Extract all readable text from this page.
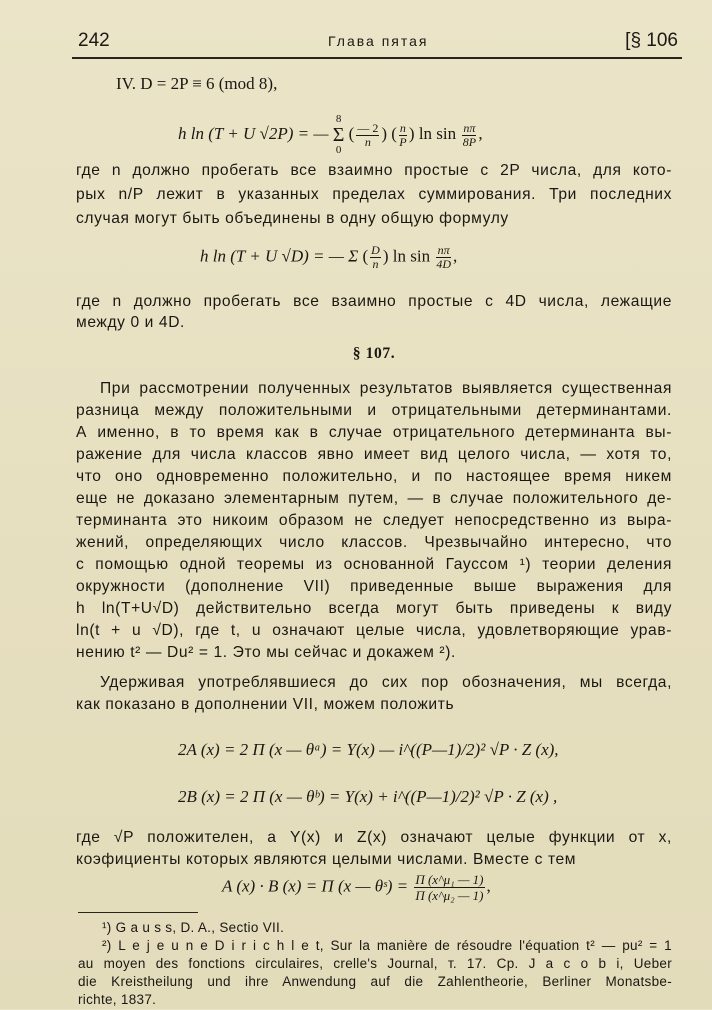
242	Глава пятая	[§ 106
IV. D = 2P ≡ 6 (mod 8),
h ln (T + U √2P) = —
8
Σ
0
( $\frac{— 2}{n}$ ) ( $\frac{n}{P}$ ) $\ln \sin \frac{n\pi}{8P}$ ,
где n должно пробегать все взаимно простые с 2P числа, для кото-
рых n/P лежит в указанных пределах суммирования. Три последних
случая могут быть объединены в одну общую формулу
h ln (T + U √D) = — Σ ( $\frac{D}{n}$ ) $\ln \sin \frac{n\pi}{4D}$ ,
где n должно пробегать все взаимно простые с 4D числа, лежащие
между 0 и 4D.
§ 107.
При рассмотрении полученных результатов выявляется существенная
разница между положительными и отрицательными детерминантами.
А именно, в то время как в случае отрицательного детерминанта вы-
ражение для числа классов явно имеет вид целого числа, — хотя то,
что оно одновременно положительно, и по настоящее время никем
еще не доказано элементарным путем, — в случае положительного де-
терминанта это никоим образом не следует непосредственно из выра-
жений, определяющих число классов. Чрезвычайно интересно, что
с помощью одной теоремы из основанной Гауссом ¹) теории деления
окружности (дополнение VII) приведенные выше выражения для
h ln(T+U√D) действительно всегда могут быть приведены к виду
ln(t + u √D), где t, u означают целые числа, удовлетворяющие урав-
нению t² — Du² = 1. Это мы сейчас и докажем ²).
Удерживая употреблявшиеся до сих пор обозначения, мы всегда,
как показано в дополнении VII, можем положить
2A (x) = 2 Π (x — θᵃ) = Y(x) — i^((P—1)/2)² √P · Z (x),
2B (x) = 2 Π (x — θᵇ) = Y(x) + i^((P—1)/2)² √P · Z (x) ,
где √P положителен, а Y(x) и Z(x) означают целые функции от x,
коэфициенты которых являются целыми числами. Вместе с тем
A (x) · B (x) = Π (x — θˢ) = $\frac{\text{Π (x\textasciicircum{}μ₁ — 1)}}{\text{Π (x\textasciicircum{}μ₂ — 1)}}$ ,
¹) G a u s s, D. A., Sectio VII.
²) L e j e u n e D i r i c h l e t, Sur la manière de résoudre l'équation t² — pu² = 1
au moyen des fonctions circulaires, crelle's Journal, т. 17. Cp. J a c o b i, Ueber
die Kreistheilung und ihre Anwendung auf die Zahlentheorie, Berliner Monatsbe-
richte, 1837.
